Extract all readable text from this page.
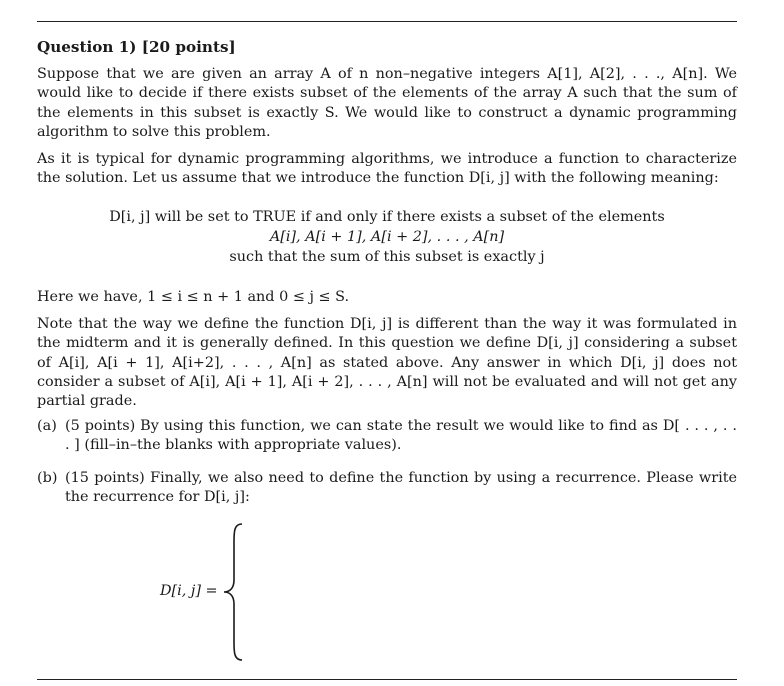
Question 1) [20 points]
Suppose that we are given an array A of n non–negative integers A[1], A[2], . . ., A[n]. We would like to decide if there exists subset of the elements of the array A such that the sum of the elements in this subset is exactly S. We would like to construct a dynamic programming algorithm to solve this problem.
As it is typical for dynamic programming algorithms, we introduce a function to characterize the solution. Let us assume that we introduce the function D[i, j] with the following meaning:
D[i, j] will be set to TRUE if and only if there exists a subset of the elements
A[i], A[i + 1], A[i + 2], . . . , A[n]
such that the sum of this subset is exactly j
Here we have, 1 ≤ i ≤ n + 1 and 0 ≤ j ≤ S.
Note that the way we define the function D[i, j] is different than the way it was formulated in the midterm and it is generally defined. In this question we define D[i, j] considering a subset of A[i], A[i + 1], A[i+2], . . . , A[n] as stated above. Any answer in which D[i, j] does not consider a subset of A[i], A[i + 1], A[i + 2], . . . , A[n] will not be evaluated and will not get any partial grade.
(a) (5 points) By using this function, we can state the result we would like to find as D[ . . . , . . . ] (fill–in–the blanks with appropriate values).
(b) (15 points) Finally, we also need to define the function by using a recurrence. Please write the recurrence for D[i, j]:
D[i, j] =
